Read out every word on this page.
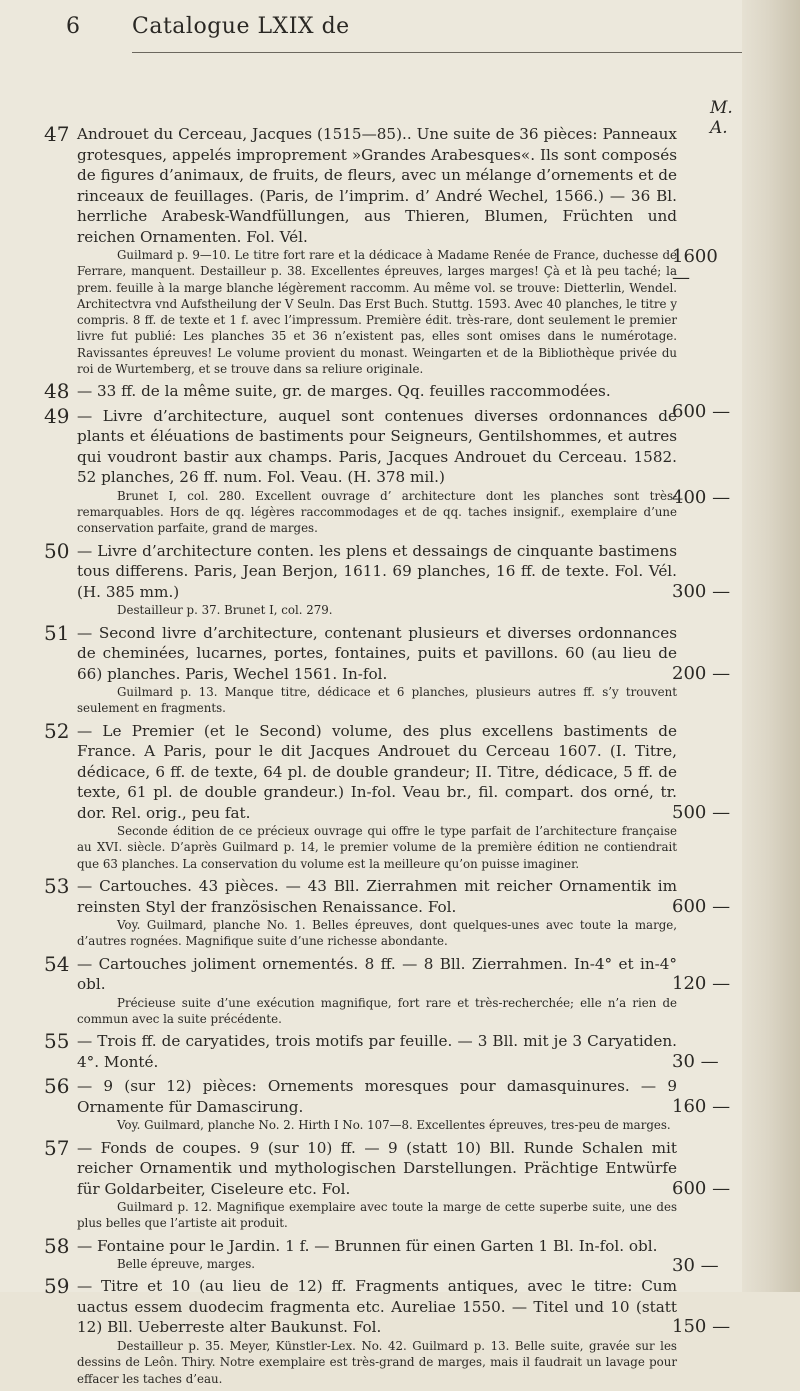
6 Catalogue LXIX de
M. A.
47 Androuet du Cerceau, Jacques (1515—85).. Une suite de 36 pièces: Panneaux grotesques, appelés improprement »Grandes Arabesques«. Ils sont composés de figures d’animaux, de fruits, de fleurs, avec un mélange d’ornements et de rinceaux de feuillages. (Paris, de l’imprim. d’ André Wechel, 1566.) — 36 Bl. herrliche Arabesk-Wandfüllungen, aus Thieren, Blumen, Früchten und reichen Ornamenten. Fol. Vél.

Guilmard p. 9—10. Le titre fort rare et la dédicace à Madame Renée de France, duchesse de Ferrare, manquent. Destailleur p. 38. Excellentes épreuves, larges marges! Çà et là peu taché; la prem. feuille à la marge blanche légèrement raccomm. Au même vol. se trouve: Dietterlin, Wendel. Architectvra vnd Aufstheilung der V Seuln. Das Erst Buch. Stuttg. 1593. Avec 40 planches, le titre y compris. 8 ff. de texte et 1 f. avec l’impressum. Première édit. très-rare, dont seulement le premier livre fut publié: Les planches 35 et 36 n’existent pas, elles sont omises dans le numérotage. Ravissantes épreuves! Le volume provient du monast. Weingarten et de la Bibliothèque privée du roi de Wurtemberg, et se trouve dans sa reliure originale.

1600 —
48 — 33 ff. de la même suite, gr. de marges. Qq. feuilles raccommodées.

600 —
49 — Livre d’architecture, auquel sont contenues diverses ordonnances de plants et éléuations de bastiments pour Seigneurs, Gentilshommes, et autres qui voudront bastir aux champs. Paris, Jacques Androuet du Cerceau. 1582. 52 planches, 26 ff. num. Fol. Veau. (H. 378 mil.)

Brunet I, col. 280. Excellent ouvrage d’ architecture dont les planches sont très-remarquables. Hors de qq. légères raccommodages et de qq. taches insignif., exemplaire d’une conservation parfaite, grand de marges.

400 —
50 — Livre d’architecture conten. les plens et dessaings de cinquante bastimens tous differens. Paris, Jean Berjon, 1611. 69 planches, 16 ff. de texte. Fol. Vél. (H. 385 mm.)

Destailleur p. 37. Brunet I, col. 279.

300 —
51 — Second livre d’architecture, contenant plusieurs et diverses ordonnances de cheminées, lucarnes, portes, fontaines, puits et pavillons. 60 (au lieu de 66) planches. Paris, Wechel 1561. In-fol.

Guilmard p. 13. Manque titre, dédicace et 6 planches, plusieurs autres ff. s’y trouvent seulement en fragments.

200 —
52 — Le Premier (et le Second) volume, des plus excellens bastiments de France. A Paris, pour le dit Jacques Androuet du Cerceau 1607. (I. Titre, dédicace, 6 ff. de texte, 64 pl. de double grandeur; II. Titre, dédicace, 5 ff. de texte, 61 pl. de double grandeur.) In-fol. Veau br., fil. compart. dos orné, tr. dor. Rel. orig., peu fat.

Seconde édition de ce précieux ouvrage qui offre le type parfait de l’architecture française au XVI. siècle. D’après Guilmard p. 14, le premier volume de la première édition ne contiendrait que 63 planches. La conservation du volume est la meilleure qu’on puisse imaginer.

500 —
53 — Cartouches. 43 pièces. — 43 Bll. Zierrahmen mit reicher Ornamentik im reinsten Styl der französischen Renaissance. Fol.

Voy. Guilmard, planche No. 1. Belles épreuves, dont quelques-unes avec toute la marge, d’autres rognées. Magnifique suite d’une richesse abondante.

600 —
54 — Cartouches joliment ornementés. 8 ff. — 8 Bll. Zierrahmen. In-4° et in-4° obl.

Précieuse suite d’une exécution magnifique, fort rare et très-recherchée; elle n’a rien de commun avec la suite précédente.

120 —
55 — Trois ff. de caryatides, trois motifs par feuille. — 3 Bll. mit je 3 Caryatiden. 4°. Monté.	30 —
56 — 9 (sur 12) pièces: Ornements moresques pour damasquinures. — 9 Ornamente für Damascirung.

Voy. Guilmard, planche No. 2. Hirth I No. 107—8. Excellentes épreuves, tres-peu de marges.

160 —
57 — Fonds de coupes. 9 (sur 10) ff. — 9 (statt 10) Bll. Runde Schalen mit reicher Ornamentik und mythologischen Darstellungen. Prächtige Entwürfe für Goldarbeiter, Ciseleure etc. Fol.

Guilmard p. 12. Magnifique exemplaire avec toute la marge de cette superbe suite, une des plus belles que l’artiste ait produit.

600 —
58 — Fontaine pour le Jardin. 1 f. — Brunnen für einen Garten 1 Bl. In-fol. obl.

Belle épreuve, marges.	30 —
59 — Titre et 10 (au lieu de 12) ff. Fragments antiques, avec le titre: Cum uactus essem duodecim fragmenta etc. Aureliae 1550. — Titel und 10 (statt 12) Bll. Ueberreste alter Baukunst. Fol.

Destailleur p. 35. Meyer, Künstler-Lex. No. 42. Guilmard p. 13. Belle suite, gravée sur les dessins de Leôn. Thiry. Notre exemplaire est très-grand de marges, mais il faudrait un lavage pour effacer les taches d’eau.

150 —
